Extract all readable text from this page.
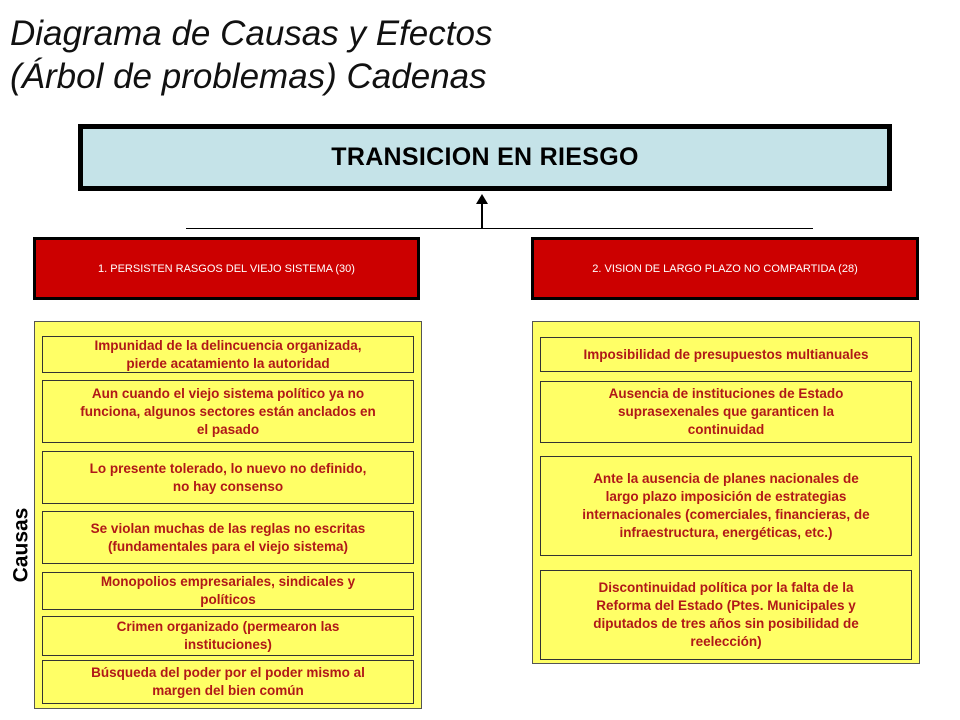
Diagrama de Causas y Efectos
(Árbol de problemas) Cadenas
TRANSICION EN RIESGO
1. PERSISTEN RASGOS DEL VIEJO SISTEMA (30)	2. VISION DE LARGO PLAZO NO COMPARTIDA (28)
Causas
Impunidad de la delincuencia organizada,
pierde acatamiento la autoridad
Aun cuando el viejo sistema político ya no
funciona, algunos sectores están anclados en
el pasado
Lo presente tolerado, lo nuevo no definido,
no hay consenso
Se violan muchas de las reglas no escritas
(fundamentales para el viejo sistema)
Monopolios empresariales, sindicales y
políticos
Crimen organizado (permearon las
instituciones)
Búsqueda del poder por el poder mismo al
margen del bien común
Imposibilidad de presupuestos multianuales
Ausencia de instituciones de Estado
suprasexenales que garanticen la
continuidad
Ante la ausencia de planes nacionales de
largo plazo imposición de estrategias
internacionales (comerciales, financieras, de
infraestructura, energéticas, etc.)
Discontinuidad política por la falta de la
Reforma del Estado (Ptes. Municipales y
diputados de tres años sin posibilidad de
reelección)
